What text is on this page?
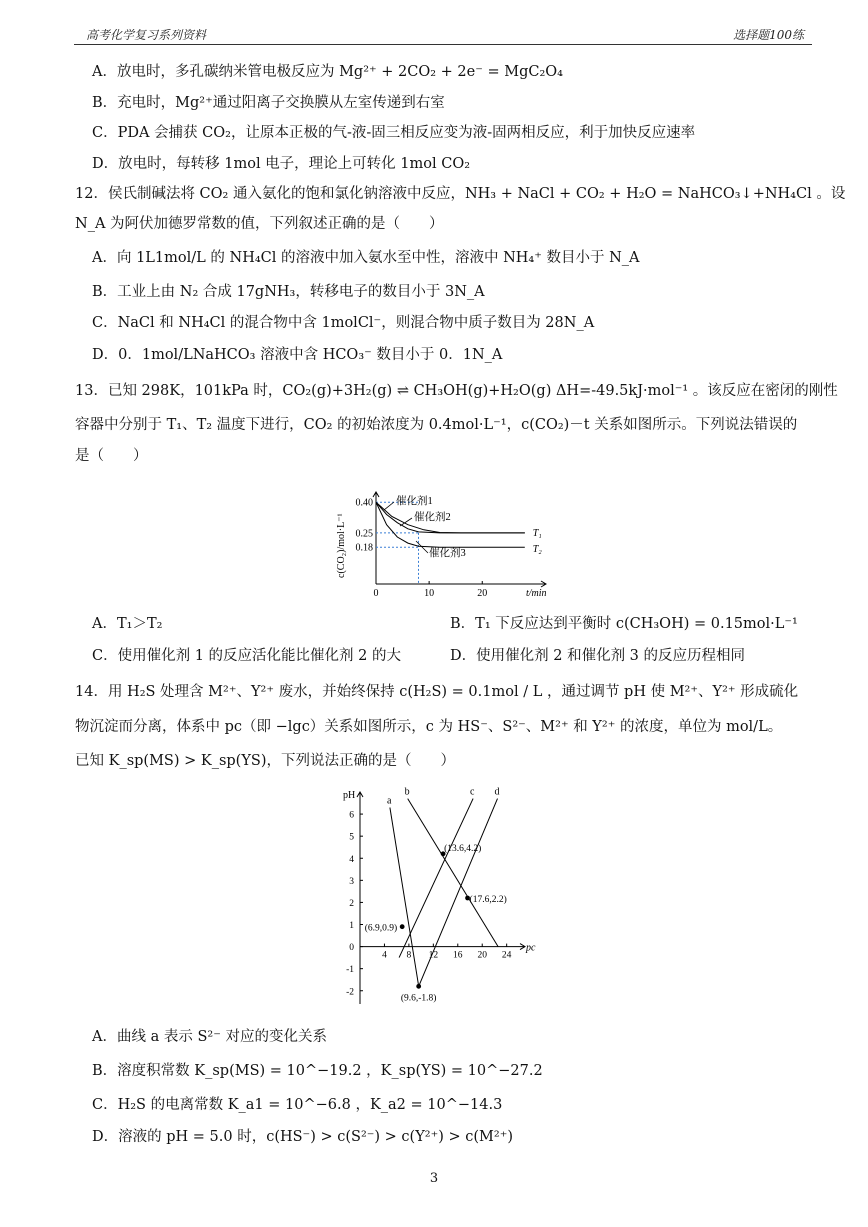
高考化学复习系列资料	选择题100练
A．放电时，多孔碳纳米管电极反应为 Mg²⁺ + 2CO₂ + 2e⁻ = MgC₂O₄
B．充电时，Mg²⁺通过阳离子交换膜从左室传递到右室
C．PDA 会捕获 CO₂，让原本正极的气-液-固三相反应变为液-固两相反应，利于加快反应速率
D．放电时，每转移 1mol 电子，理论上可转化 1mol CO₂
12．侯氏制碱法将 CO₂ 通入氨化的饱和氯化钠溶液中反应，NH₃ + NaCl + CO₂ + H₂O = NaHCO₃↓+NH₄Cl 。设
N_A 为阿伏加德罗常数的值，下列叙述正确的是（　　）
A．向 1L1mol/L 的 NH₄Cl 的溶液中加入氨水至中性，溶液中 NH₄⁺ 数目小于 N_A
B．工业上由 N₂ 合成 17gNH₃，转移电子的数目小于 3N_A
C．NaCl 和 NH₄Cl 的混合物中含 1molCl⁻，则混合物中质子数目为 28N_A
D．0．1mol/LNaHCO₃ 溶液中含 HCO₃⁻ 数目小于 0．1N_A
13．已知 298K，101kPa 时，CO₂(g)+3H₂(g) ⇌ CH₃OH(g)+H₂O(g) ΔH=-49.5kJ·mol⁻¹ 。该反应在密闭的刚性
容器中分别于 T₁、T₂ 温度下进行，CO₂ 的初始浓度为 0.4mol·L⁻¹，c(CO₂)－t 关系如图所示。下列说法错误的
是（　　）
0	10	20
0.18
0.25
0.40
t/min
c(CO₂)/mol·L⁻¹
催化剂1
催化剂2
催化剂3
T₁
T₂
A．T₁＞T₂	B．T₁ 下反应达到平衡时 c(CH₃OH) = 0.15mol·L⁻¹
C．使用催化剂 1 的反应活化能比催化剂 2 的大	D．使用催化剂 2 和催化剂 3 的反应历程相同
14．用 H₂S 处理含 M²⁺、Y²⁺ 废水，并始终保持 c(H₂S) = 0.1mol / L ，通过调节 pH 使 M²⁺、Y²⁺ 形成硫化
物沉淀而分离，体系中 pc（即 −lgc）关系如图所示，c 为 HS⁻、S²⁻、M²⁺ 和 Y²⁺ 的浓度，单位为 mol/L。
已知 K_sp(MS) > K_sp(YS)，下列说法正确的是（　　）
pH
pc
4 8 12 16 20 24
-2
-1
0
1
2
3
4
5
6
a
b	c d
(13.6,4.2)
(17.6,2.2)
(6.9,0.9)
(9.6,-1.8)
A．曲线 a 表示 S²⁻ 对应的变化关系
B．溶度积常数 K_sp(MS) = 10^−19.2 ，K_sp(YS) = 10^−27.2
C．H₂S 的电离常数 K_a1 = 10^−6.8 ，K_a2 = 10^−14.3
D．溶液的 pH = 5.0 时，c(HS⁻) > c(S²⁻) > c(Y²⁺) > c(M²⁺)
3
